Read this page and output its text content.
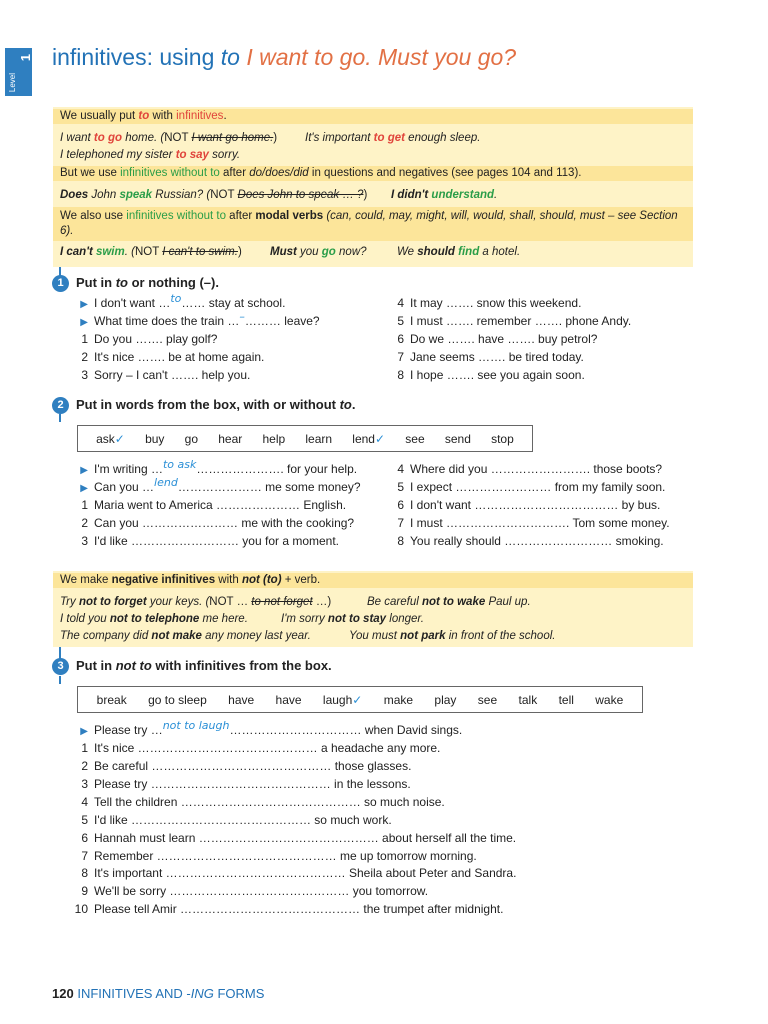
1
Level
infinitives: using to I want to go. Must you go?
We usually put to with infinitives.
I want to go home. (NOT I want go home.)	It's important to get enough sleep.
I telephoned my sister to say sorry.
But we use infinitives without to after do/does/did in questions and negatives (see pages 104 and 113).
Does John speak Russian? (NOT Does John to speak … ?)	I didn't understand.
We also use infinitives without to after modal verbs (can, could, may, might, will, would, shall, should, must – see Section 6).
I can't swim. (NOT I can't to swim.)	Must you go now?	We should find a hotel.
1 Put in to or nothing (–).
▶ I don't want …to…… stay at school.
▶ What time does the train …–……… leave?
1 Do you ……. play golf?
2 It's nice ……. be at home again.
3 Sorry – I can't ……. help you.
4 It may ……. snow this weekend.
5 I must ……. remember ……. phone Andy.
6 Do we ……. have ……. buy petrol?
7 Jane seems ……. be tired today.
8 I hope ……. see you again soon.
2 Put in words from the box, with or without to.
ask✓ buy go hear help learn lend✓ see send stop
▶ I'm writing …to ask…………………. for your help.
▶ Can you …lend………………… me some money?
1 Maria went to America ………………… English.
2 Can you …………………… me with the cooking?
3 I'd like ……………………… you for a moment.
4 Where did you ……………………. those boots?
5 I expect …………………… from my family soon.
6 I don't want ……………………………… by bus.
7 I must …………………………. Tom some money.
8 You really should ……………………… smoking.
We make negative infinitives with not (to) + verb.
Try not to forget your keys. (NOT … to not forget …)	Be careful not to wake Paul up.
I told you not to telephone me here.	I'm sorry not to stay longer.
The company did not make any money last year.	You must not park in front of the school.
3 Put in not to with infinitives from the box.
break go to sleep have have laugh✓ make play see talk tell wake
▶ Please try …not to laugh…………………………… when David sings.
1 It's nice ……………………………………… a headache any more.
2 Be careful ……………………………………… those glasses.
3 Please try ……………………………………… in the lessons.
4 Tell the children ……………………………………… so much noise.
5 I'd like ……………………………………… so much work.
6 Hannah must learn ……………………………………… about herself all the time.
7 Remember ……………………………………… me up tomorrow morning.
8 It's important ……………………………………… Sheila about Peter and Sandra.
9 We'll be sorry ……………………………………… you tomorrow.
10 Please tell Amir ……………………………………… the trumpet after midnight.
120 INFINITIVES AND -ING FORMS
